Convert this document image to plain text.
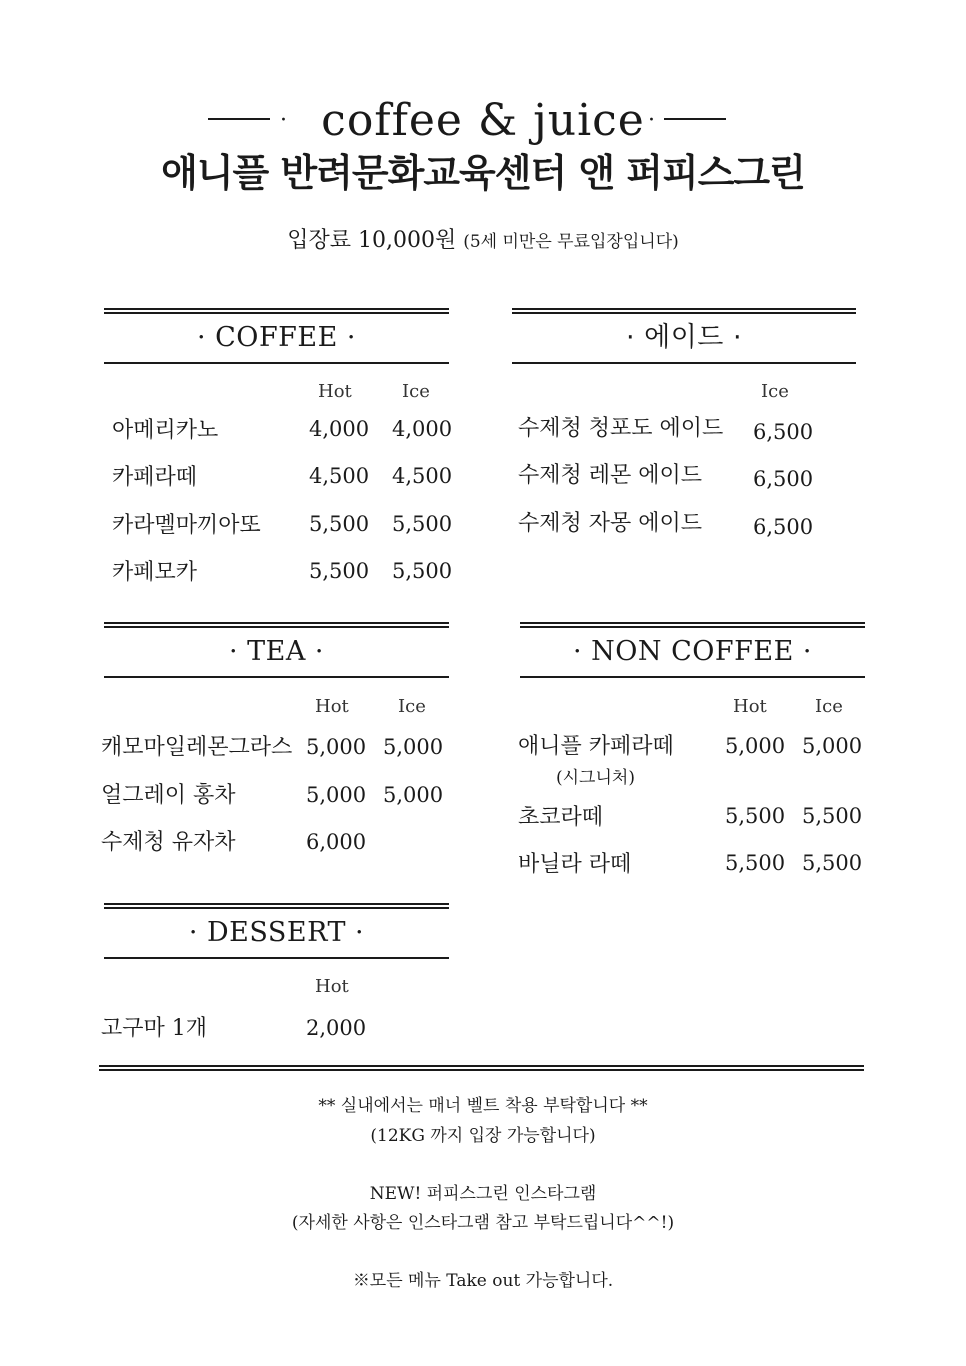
· coffee & juice ·
애니플 반려문화교육센터 앤 퍼피스그린
입장료 10,000원 (5세 미만은 무료입장입니다)
· COFFEE ·
Hot	Ice
아메리카노	4,000 4,000
카페라떼	4,500 4,500
카라멜마끼아또 5,500 5,500
카페모카	5,500 5,500
· 에이드 ·
Ice
수제청 청포도 에이드 6,500
수제청 레몬 에이드 6,500
수제청 자몽 에이드 6,500
· TEA ·
Hot	Ice
캐모마일레몬그라스 5,000 5,000
얼그레이 홍차	5,000 5,000
수제청 유자차	6,000
· NON COFFEE ·
Hot	Ice
애니플 카페라떼
(시그니처)
5,000 5,000
초코라떼	5,500 5,500
바닐라 라떼	5,500 5,500
· DESSERT ·
Hot
고구마 1개	2,000
** 실내에서는 매너 벨트 착용 부탁합니다 **
(12KG 까지 입장 가능합니다)
NEW! 퍼피스그린 인스타그램
(자세한 사항은 인스타그램 참고 부탁드립니다^^!)
※모든 메뉴 Take out 가능합니다.
